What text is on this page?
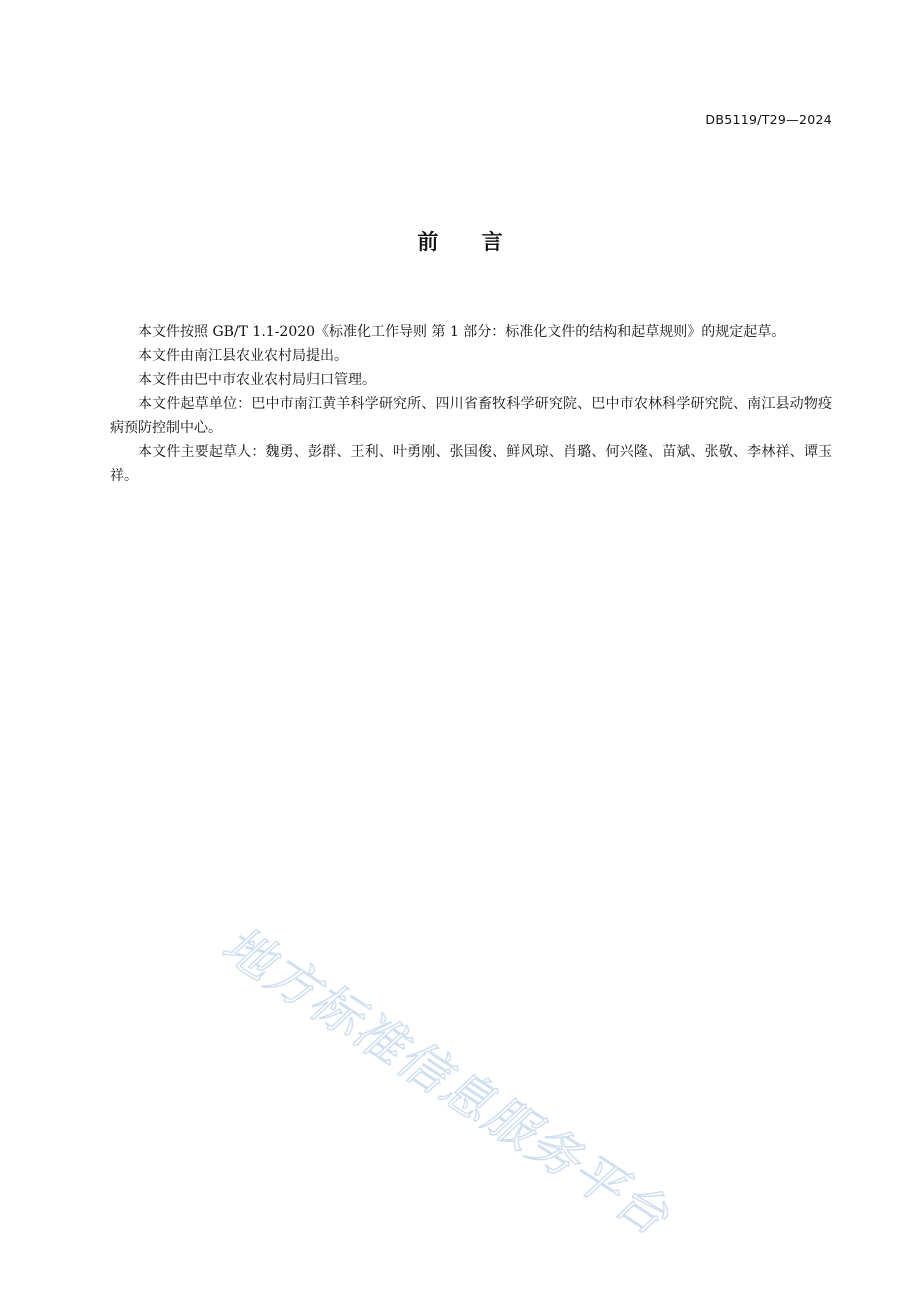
DB5119/T29—2024
前 言

本文件按照 GB/T 1.1-2020《标准化工作导则 第 1 部分：标准化文件的结构和起草规则》的规定起草。

本文件由南江县农业农村局提出。

本文件由巴中市农业农村局归口管理。

本文件起草单位：巴中市南江黄羊科学研究所、四川省畜牧科学研究院、巴中市农林科学研究院、南江县动物疫病预防控制中心。

本文件主要起草人：魏勇、彭群、王利、叶勇刚、张国俊、鲜风琼、肖璐、何兴隆、苗斌、张敬、李林祥、谭玉祥。

地方标准信息服务平台
